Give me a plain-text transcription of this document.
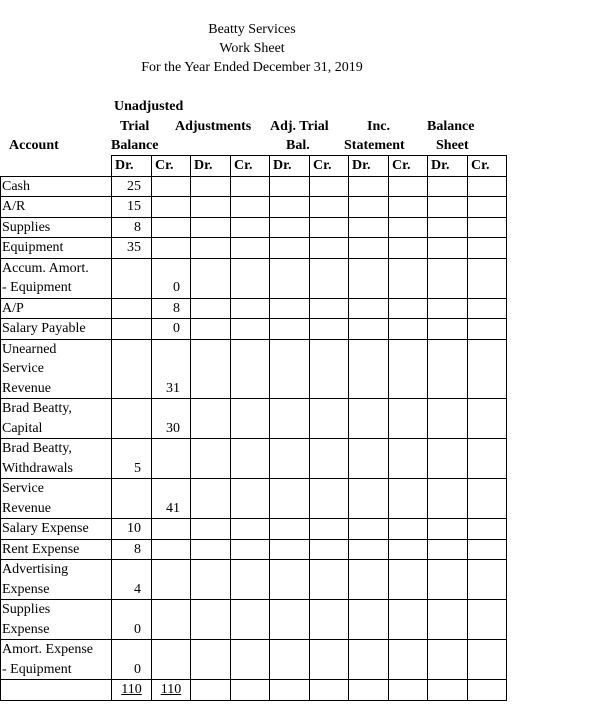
Beatty Services
Work Sheet
For the Year Ended December 31, 2019
Unadjusted
Trial
Balance
Adjustments Adj. Trial
Bal.
Inc.
Statement
Balance
Sheet
Account
	Dr.	Cr.	Dr.	Cr.	Dr.	Cr.	Dr.	Cr.	Dr.	Cr.

Cash	25									

A/R	15									

Supplies	8									

Equipment	35									

Accum. Amort.
- Equipment		0								

A/P		8								

Salary Payable		0								

Unearned
Service
Revenue		31								

Brad Beatty,
Capital		30								

Brad Beatty,
Withdrawals	5									

Service
Revenue		41								

Salary Expense	10									

Rent Expense	8									

Advertising
Expense	4									

Supplies
Expense	0									

Amort. Expense
- Equipment	0									
	110	110								
